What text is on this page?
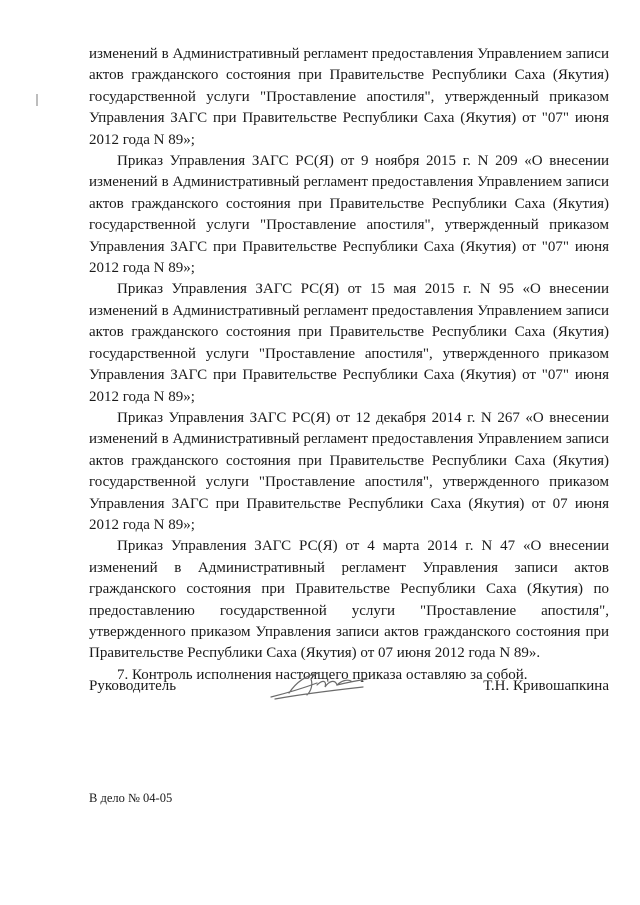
изменений в Административный регламент предоставления Управлением записи актов гражданского состояния при Правительстве Республики Саха (Якутия) государственной услуги "Проставление апостиля", утвержденный приказом Управления ЗАГС при Правительстве Республики Саха (Якутия) от "07" июня 2012 года N 89»;

Приказ Управления ЗАГС РС(Я) от 9 ноября 2015 г. N 209 «О внесении изменений в Административный регламент предоставления Управлением записи актов гражданского состояния при Правительстве Республики Саха (Якутия) государственной услуги "Проставление апостиля", утвержденный приказом Управления ЗАГС при Правительстве Республики Саха (Якутия) от "07" июня 2012 года N 89»;

Приказ Управления ЗАГС РС(Я) от 15 мая 2015 г. N 95 «О внесении изменений в Административный регламент предоставления Управлением записи актов гражданского состояния при Правительстве Республики Саха (Якутия) государственной услуги "Проставление апостиля", утвержденного приказом Управления ЗАГС при Правительстве Республики Саха (Якутия) от "07" июня 2012 года N 89»;

Приказ Управления ЗАГС РС(Я) от 12 декабря 2014 г. N 267 «О внесении изменений в Административный регламент предоставления Управлением записи актов гражданского состояния при Правительстве Республики Саха (Якутия) государственной услуги "Проставление апостиля", утвержденного приказом Управления ЗАГС при Правительстве Республики Саха (Якутия) от 07 июня 2012 года N 89»;

Приказ Управления ЗАГС РС(Я) от 4 марта 2014 г. N 47 «О внесении изменений в Административный регламент Управления записи актов гражданского состояния при Правительстве Республики Саха (Якутия) по предоставлению государственной услуги "Проставление апостиля", утвержденного приказом Управления записи актов гражданского состояния при Правительстве Республики Саха (Якутия) от 07 июня 2012 года N 89».

7. Контроль исполнения настоящего приказа оставляю за собой.

Руководитель	Т.Н. Кривошапкина
В дело № 04-05
